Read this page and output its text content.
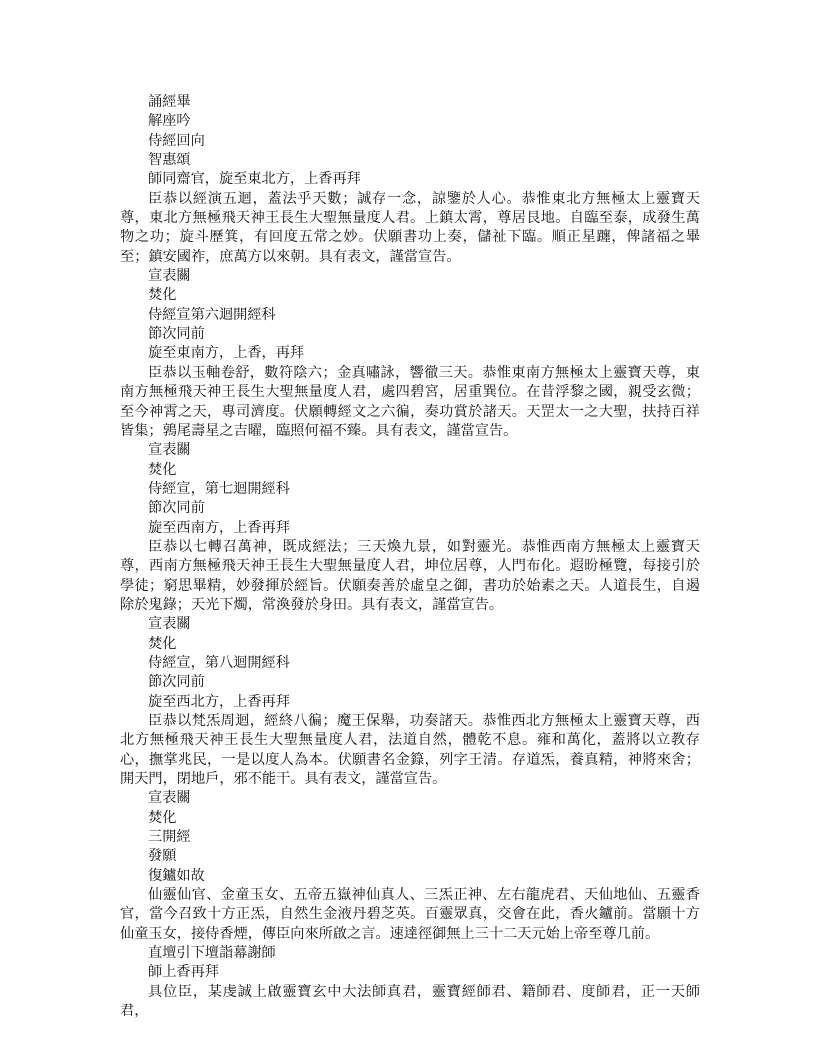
誦經畢
解座吟
侍經回向
智惠頌
師同齋官，旋至東北方，上香再拜
臣恭以經演五迴，蓋法乎天數；誠存一念，諒鑒於人心。恭惟東北方無極太上靈寶天尊，東北方無極飛天神王長生大聖無量度人君。上鎮太霄，尊居艮地。自臨至泰，成發生萬物之功；旋斗歷箕，有回度五常之妙。伏願書功上奏，儲祉下臨。順正星躔，俾諸福之畢至；鎮安國祚，庶萬方以來朝。具有表文，謹當宣告。
宣表關
焚化
侍經宣第六迴開經科
節次同前
旋至東南方，上香，再拜
臣恭以玉軸卷舒，數符陰六；金真嘯詠，響徹三天。恭惟東南方無極太上靈寶天尊，東南方無極飛天神王長生大聖無量度人君，處四碧宮，居重巽位。在昔浮黎之國，親受玄微；至今神霄之天，專司濟度。伏願轉經文之六徧，奏功賞於諸天。天罡太一之大聖，扶持百祥皆集；鶉尾壽星之吉曜，臨照何福不臻。具有表文，謹當宣告。
宣表關
焚化
侍經宣，第七迴開經科
節次同前
旋至西南方，上香再拜
臣恭以七轉召萬神，既成經法；三天煥九景，如對靈光。恭惟西南方無極太上靈寶天尊，西南方無極飛天神王長生大聖無量度人君，坤位居尊，人門布化。遐昐極覽，每接引於學徒；窮思畢精，妙發揮於經旨。伏願奏善於虛皇之御，書功於始素之天。人道長生，自遏除於鬼錄；天光下燭，常渙發於身田。具有表文，謹當宣告。
宣表關
焚化
侍經宣，第八迴開經科
節次同前
旋至西北方，上香再拜
臣恭以梵炁周迴，經終八徧；魔王保舉，功奏諸天。恭惟西北方無極太上靈寶天尊，西北方無極飛天神王長生大聖無量度人君，法道自然，體乾不息。雍和萬化，蓋將以立教存心，撫掌兆民，一是以度人為本。伏願書名金籙，列字王清。存道炁，養真精，神將來舍；開天門，閉地戶，邪不能干。具有表文，謹當宣告。
宣表關
焚化
三開經
發願
復鑪如故
仙靈仙官、金童玉女、五帝五嶽神仙真人、三炁正神、左右龍虎君、天仙地仙、五靈香官，當今召致十方正炁，自然生金液丹碧芝英。百靈眾真，交會在此，香火鑪前。當願十方仙童玉女，接侍香煙，傳臣向來所啟之言。速達徑御無上三十二天元始上帝至尊几前。
直壇引下壇詣幕謝師
師上香再拜
具位臣，某虔誠上啟靈寶玄中大法師真君，靈寶經師君、籍師君、度師君，正一天師君，
